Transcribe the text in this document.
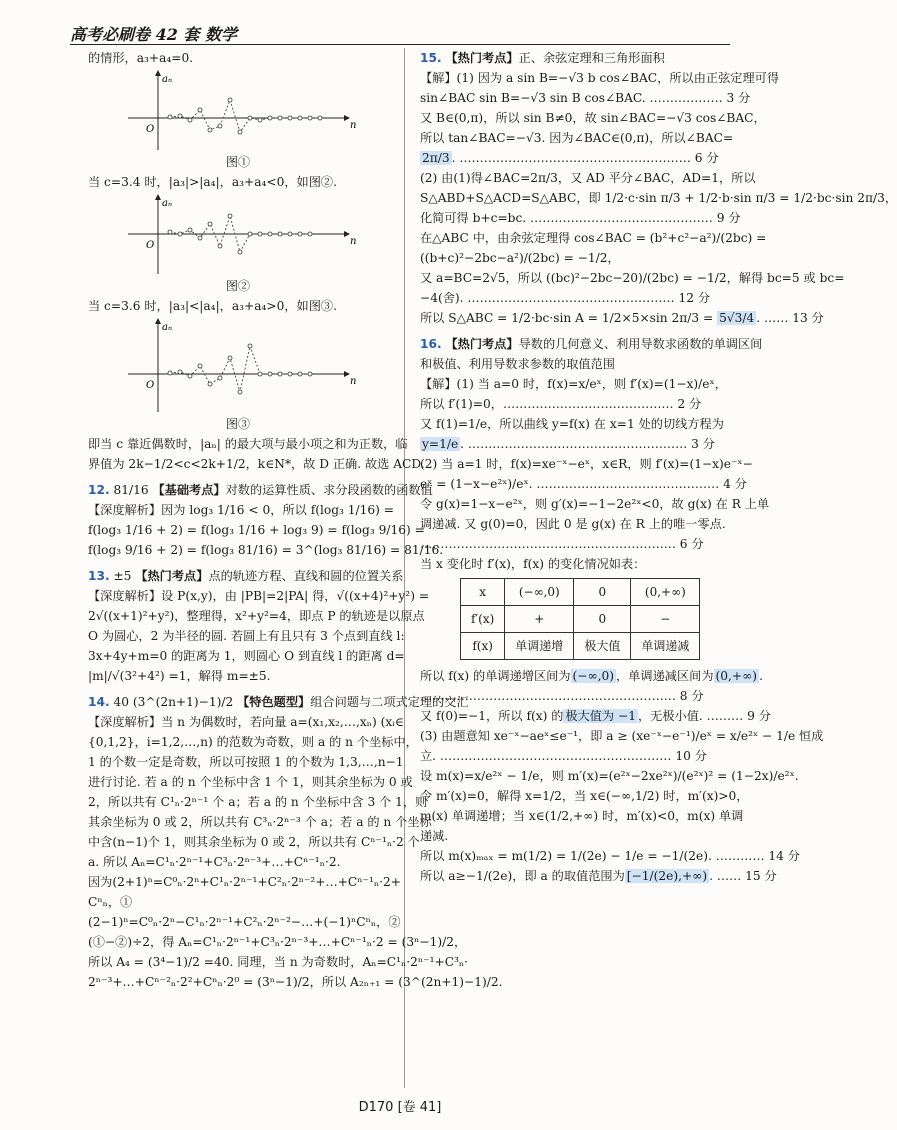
高考必刷卷 42 套 数学
的情形，a₃+a₄=0.
aₙ
n
O
图①
当 c=3.4 时，|a₃|>|a₄|，a₃+a₄<0，如图②.
aₙ
n
O
图②
当 c=3.6 时，|a₃|<|a₄|，a₃+a₄>0，如图③.
aₙ
n
O
图③
即当 c 靠近偶数时，|aₙ| 的最大项与最小项之和为正数，临
界值为 2k−1/2<c<2k+1/2，k∈N*，故 D 正确. 故选 ACD.
12. 81/16 【基础考点】对数的运算性质、求分段函数的函数值
【深度解析】因为 log₃ 1/16 < 0，所以 f(log₃ 1/16) =
f(log₃ 1/16 + 2) = f(log₃ 1/16 + log₃ 9) = f(log₃ 9/16) =
f(log₃ 9/16 + 2) = f(log₃ 81/16) = 3^(log₃ 81/16) = 81/16.
13. ±5 【热门考点】点的轨迹方程、直线和圆的位置关系
【深度解析】设 P(x,y)，由 |PB|=2|PA| 得，√((x+4)²+y²) =
2√((x+1)²+y²)，整理得，x²+y²=4，即点 P 的轨迹是以原点
O 为圆心，2 为半径的圆. 若圆上有且只有 3 个点到直线 l:
3x+4y+m=0 的距离为 1，则圆心 O 到直线 l 的距离 d=
|m|/√(3²+4²) =1，解得 m=±5.
14. 40 (3^(2n+1)−1)/2 【特色题型】组合问题与二项式定理的交汇
【深度解析】当 n 为偶数时，若向量 a=(x₁,x₂,…,xₙ) (xᵢ∈
{0,1,2}，i=1,2,…,n) 的范数为奇数，则 a 的 n 个坐标中，
1 的个数一定是奇数，所以可按照 1 的个数为 1,3,…,n−1
进行讨论. 若 a 的 n 个坐标中含 1 个 1，则其余坐标为 0 或
2，所以共有 C¹ₙ·2ⁿ⁻¹ 个 a；若 a 的 n 个坐标中含 3 个 1，则
其余坐标为 0 或 2，所以共有 C³ₙ·2ⁿ⁻³ 个 a；若 a 的 n 个坐标
中含(n−1)个 1，则其余坐标为 0 或 2，所以共有 Cⁿ⁻¹ₙ·2 个
a. 所以 Aₙ=C¹ₙ·2ⁿ⁻¹+C³ₙ·2ⁿ⁻³+…+Cⁿ⁻¹ₙ·2.
因为(2+1)ⁿ=C⁰ₙ·2ⁿ+C¹ₙ·2ⁿ⁻¹+C²ₙ·2ⁿ⁻²+…+Cⁿ⁻¹ₙ·2+
Cⁿₙ，①
(2−1)ⁿ=C⁰ₙ·2ⁿ−C¹ₙ·2ⁿ⁻¹+C²ₙ·2ⁿ⁻²−…+(−1)ⁿCⁿₙ，②
(①−②)÷2，得 Aₙ=C¹ₙ·2ⁿ⁻¹+C³ₙ·2ⁿ⁻³+…+Cⁿ⁻¹ₙ·2 = (3ⁿ−1)/2，
所以 A₄ = (3⁴−1)/2 =40. 同理，当 n 为奇数时，Aₙ=C¹ₙ·2ⁿ⁻¹+C³ₙ·
2ⁿ⁻³+…+Cⁿ⁻²ₙ·2²+Cⁿₙ·2⁰ = (3ⁿ−1)/2，所以 A₂ₙ₊₁ = (3^(2n+1)−1)/2.
15. 【热门考点】正、余弦定理和三角形面积
【解】(1) 因为 a sin B=−√3 b cos∠BAC，所以由正弦定理可得
sin∠BAC sin B=−√3 sin B cos∠BAC. ……………… 3 分
又 B∈(0,π)，所以 sin B≠0，故 sin∠BAC=−√3 cos∠BAC，
所以 tan∠BAC=−√3. 因为∠BAC∈(0,π)，所以∠BAC=
2π/3 . ………………………………………………… 6 分
(2) 由(1)得∠BAC=2π/3，又 AD 平分∠BAC，AD=1，所以
S△ABD+S△ACD=S△ABC，即 1/2·c·sin π/3 + 1/2·b·sin π/3 = 1/2·bc·sin 2π/3，
化简可得 b+c=bc. ……………………………………… 9 分
在△ABC 中，由余弦定理得 cos∠BAC = (b²+c²−a²)/(2bc) =
((b+c)²−2bc−a²)/(2bc) = −1/2，
又 a=BC=2√5，所以 ((bc)²−2bc−20)/(2bc) = −1/2，解得 bc=5 或 bc=
−4(舍). …………………………………………… 12 分
所以 S△ABC = 1/2·bc·sin A = 1/2×5×sin 2π/3 = 5√3/4 . …… 13 分
16. 【热门考点】导数的几何意义、利用导数求函数的单调区间
和极值、利用导数求参数的取值范围
【解】(1) 当 a=0 时，f(x)=x/eˣ，则 f′(x)=(1−x)/eˣ，
所以 f′(1)=0，…………………………………… 2 分
又 f(1)=1/e，所以曲线 y=f(x) 在 x=1 处的切线方程为
y=1/e . ……………………………………………… 3 分
(2) 当 a=1 时，f(x)=xe⁻ˣ−eˣ，x∈R，则 f′(x)=(1−x)e⁻ˣ−
eˣ = (1−x−e²ˣ)/eˣ. ……………………………………… 4 分
令 g(x)=1−x−e²ˣ，则 g′(x)=−1−2e²ˣ<0，故 g(x) 在 R 上单
调递减. 又 g(0)=0，因此 0 是 g(x) 在 R 上的唯一零点.
……………………………………………………… 6 分
当 x 变化时 f′(x)，f(x) 的变化情况如表：
x	(−∞,0)	0	(0,+∞)
f′(x)	+	0	−
f(x)	单调递增	极大值	单调递减
所以 f(x) 的单调递增区间为 (−∞,0) ，单调递减区间为 (0,+∞) .
……………………………………………………… 8 分
又 f(0)=−1，所以 f(x) 的 极大值为 −1 ，无极小值. ……… 9 分
(3) 由题意知 xe⁻ˣ−aeˣ≤e⁻¹，即 a ≥ (xe⁻ˣ−e⁻¹)/eˣ = x/e²ˣ − 1/e 恒成
立. ………………………………………………… 10 分
设 m(x)=x/e²ˣ − 1/e，则 m′(x)=(e²ˣ−2xe²ˣ)/(e²ˣ)² = (1−2x)/e²ˣ.
令 m′(x)=0，解得 x=1/2，当 x∈(−∞,1/2) 时，m′(x)>0，
m(x) 单调递增；当 x∈(1/2,+∞) 时，m′(x)<0，m(x) 单调
递减.
所以 m(x)ₘₐₓ = m(1/2) = 1/(2e) − 1/e = −1/(2e). ………… 14 分
所以 a≥−1/(2e)，即 a 的取值范围为 [−1/(2e),+∞) . …… 15 分
D170 [卷 41]
